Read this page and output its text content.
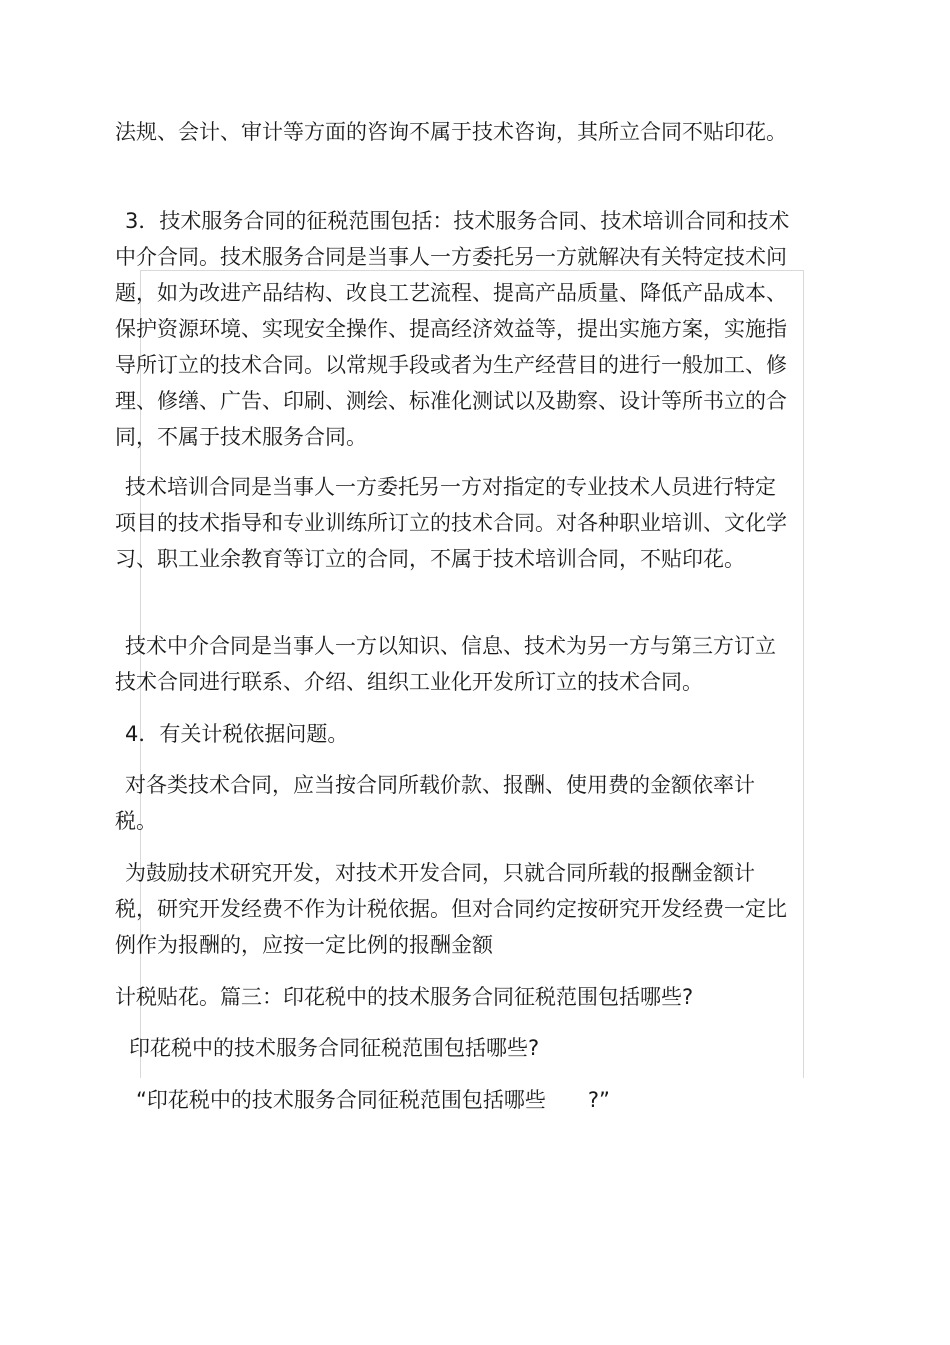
法规、会计、审计等方面的咨询不属于技术咨询，其所立合同不贴印花。

3．技术服务合同的征税范围包括：技术服务合同、技术培训合同和技术中介合同。技术服务合同是当事人一方委托另一方就解决有关特定技术问题，如为改进产品结构、改良工艺流程、提高产品质量、降低产品成本、保护资源环境、实现安全操作、提高经济效益等，提出实施方案，实施指导所订立的技术合同。以常规手段或者为生产经营目的进行一般加工、修理、修缮、广告、印刷、测绘、标准化测试以及勘察、设计等所书立的合同，不属于技术服务合同。

技术培训合同是当事人一方委托另一方对指定的专业技术人员进行特定项目的技术指导和专业训练所订立的技术合同。对各种职业培训、文化学习、职工业余教育等订立的合同，不属于技术培训合同，不贴印花。

技术中介合同是当事人一方以知识、信息、技术为另一方与第三方订立技术合同进行联系、介绍、组织工业化开发所订立的技术合同。

4．有关计税依据问题。

对各类技术合同，应当按合同所载价款、报酬、使用费的金额依率计税。

为鼓励技术研究开发，对技术开发合同，只就合同所载的报酬金额计税，研究开发经费不作为计税依据。但对合同约定按研究开发经费一定比例作为报酬的，应按一定比例的报酬金额

计税贴花。篇三：印花税中的技术服务合同征税范围包括哪些?

印花税中的技术服务合同征税范围包括哪些?

“印花税中的技术服务合同征税范围包括哪些　　?”
